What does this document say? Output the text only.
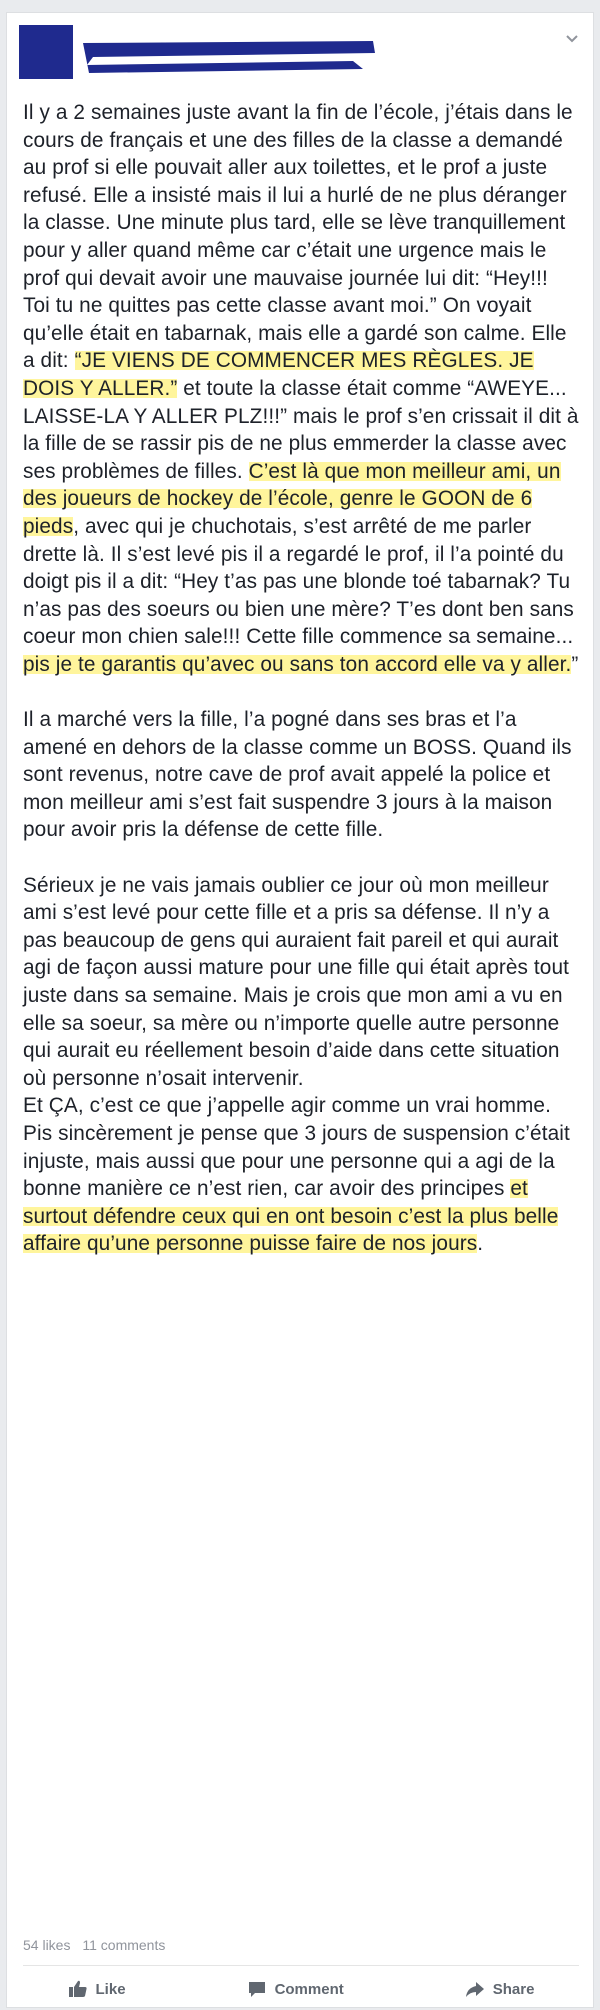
Il y a 2 semaines juste avant la fin de l’école, j’étais dans le cours de français et une des filles de la classe a demandé au prof si elle pouvait aller aux toilettes, et le prof a juste refusé. Elle a insisté mais il lui a hurlé de ne plus déranger la classe. Une minute plus tard, elle se lève tranquillement pour y aller quand même car c’était une urgence mais le prof qui devait avoir une mauvaise journée lui dit: “Hey!!! Toi tu ne quittes pas cette classe avant moi.” On voyait qu’elle était en tabarnak, mais elle a gardé son calme. Elle a dit: “JE VIENS DE COMMENCER MES RÈGLES. JE DOIS Y ALLER.” et toute la classe était comme “AWEYE... LAISSE-LA Y ALLER PLZ!!!” mais le prof s’en crissait il dit à la fille de se rassir pis de ne plus emmerder la classe avec ses problèmes de filles. C’est là que mon meilleur ami, un des joueurs de hockey de l’école, genre le GOON de 6 pieds, avec qui je chuchotais, s’est arrêté de me parler drette là. Il s’est levé pis il a regardé le prof, il l’a pointé du doigt pis il a dit: “Hey t’as pas une blonde toé tabarnak? Tu n’as pas des soeurs ou bien une mère? T’es dont ben sans coeur mon chien sale!!! Cette fille commence sa semaine... pis je te garantis qu’avec ou sans ton accord elle va y aller.”

Il a marché vers la fille, l’a pogné dans ses bras et l’a amené en dehors de la classe comme un BOSS. Quand ils sont revenus, notre cave de prof avait appelé la police et mon meilleur ami s’est fait suspendre 3 jours à la maison pour avoir pris la défense de cette fille.

Sérieux je ne vais jamais oublier ce jour où mon meilleur ami s’est levé pour cette fille et a pris sa défense. Il n’y a pas beaucoup de gens qui auraient fait pareil et qui aurait agi de façon aussi mature pour une fille qui était après tout juste dans sa semaine. Mais je crois que mon ami a vu en elle sa soeur, sa mère ou n’importe quelle autre personne qui aurait eu réellement besoin d’aide dans cette situation où personne n’osait intervenir.
Et ÇA, c’est ce que j’appelle agir comme un vrai homme. Pis sincèrement je pense que 3 jours de suspension c’était injuste, mais aussi que pour une personne qui a agi de la bonne manière ce n’est rien, car avoir des principes et surtout défendre ceux qui en ont besoin c’est la plus belle affaire qu’une personne puisse faire de nos jours.

54 likes 11 comments
Like	Comment	Share
